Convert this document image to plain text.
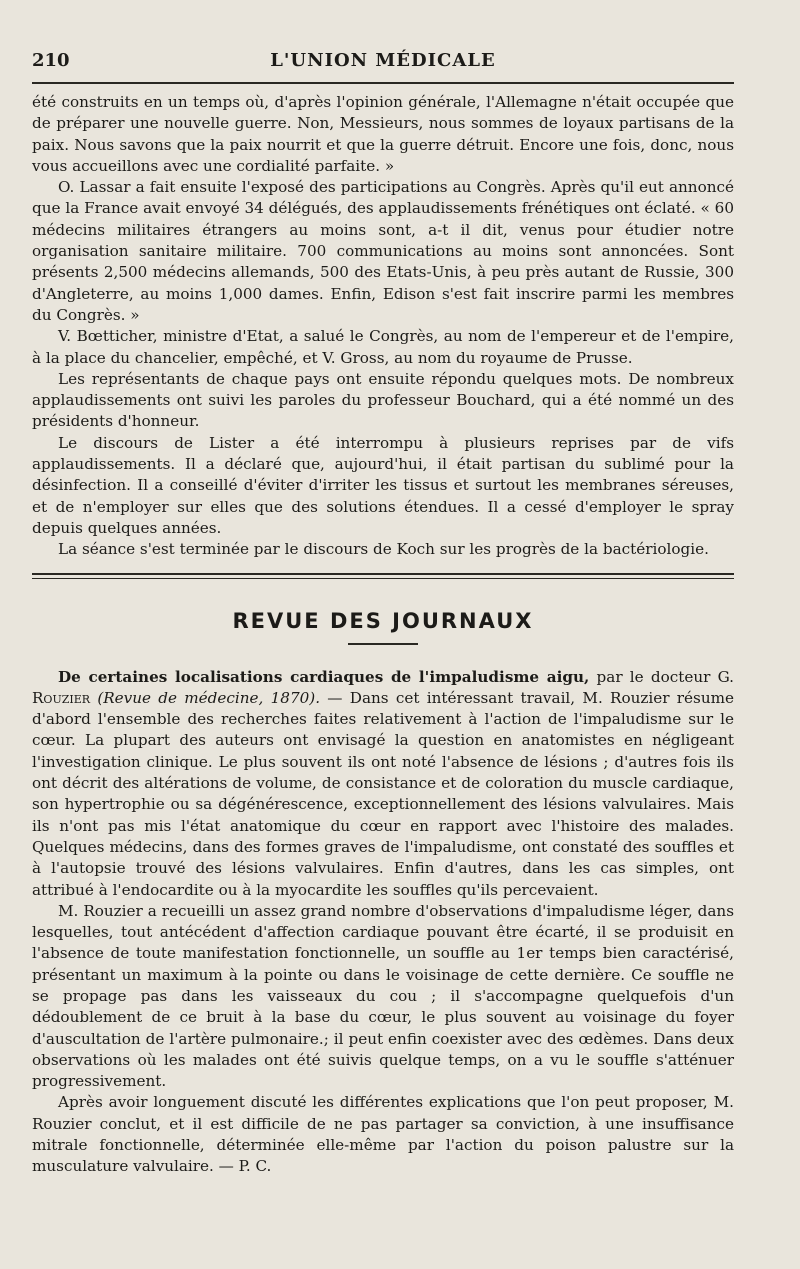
210	L'UNION MÉDICALE

été construits en un temps où, d'après l'opinion générale, l'Allemagne n'était occupée que de préparer une nouvelle guerre. Non, Messieurs, nous sommes de loyaux partisans de la paix. Nous savons que la paix nourrit et que la guerre détruit. Encore une fois, donc, nous vous accueillons avec une cordialité parfaite. »

O. Lassar a fait ensuite l'exposé des participations au Congrès. Après qu'il eut annoncé que la France avait envoyé 34 délégués, des applaudissements frénétiques ont éclaté. « 60 médecins militaires étrangers au moins sont, a-t il dit, venus pour étudier notre organisation sanitaire militaire. 700 communications au moins sont annoncées. Sont présents 2,500 médecins allemands, 500 des Etats-Unis, à peu près autant de Russie, 300 d'Angleterre, au moins 1,000 dames. Enfin, Edison s'est fait inscrire parmi les membres du Congrès. »

V. Bœtticher, ministre d'Etat, a salué le Congrès, au nom de l'empereur et de l'empire, à la place du chancelier, empêché, et V. Gross, au nom du royaume de Prusse.

Les représentants de chaque pays ont ensuite répondu quelques mots. De nombreux applaudissements ont suivi les paroles du professeur Bouchard, qui a été nommé un des présidents d'honneur.

Le discours de Lister a été interrompu à plusieurs reprises par de vifs applaudissements. Il a déclaré que, aujourd'hui, il était partisan du sublimé pour la désinfection. Il a conseillé d'éviter d'irriter les tissus et surtout les membranes séreuses, et de n'employer sur elles que des solutions étendues. Il a cessé d'employer le spray depuis quelques années.

La séance s'est terminée par le discours de Koch sur les progrès de la bactériologie.

REVUE DES JOURNAUX

De certaines localisations cardiaques de l'impaludisme aigu, par le docteur G. Rouzier (Revue de médecine, 1870). — Dans cet intéressant travail, M. Rouzier résume d'abord l'ensemble des recherches faites relativement à l'action de l'impaludisme sur le cœur. La plupart des auteurs ont envisagé la question en anatomistes en négligeant l'investigation clinique. Le plus souvent ils ont noté l'absence de lésions ; d'autres fois ils ont décrit des altérations de volume, de consistance et de coloration du muscle cardiaque, son hypertrophie ou sa dégénérescence, exceptionnellement des lésions valvulaires. Mais ils n'ont pas mis l'état anatomique du cœur en rapport avec l'histoire des malades. Quelques médecins, dans des formes graves de l'impaludisme, ont constaté des souffles et à l'autopsie trouvé des lésions valvulaires. Enfin d'autres, dans les cas simples, ont attribué à l'endocardite ou à la myocardite les souffles qu'ils percevaient.

M. Rouzier a recueilli un assez grand nombre d'observations d'impaludisme léger, dans lesquelles, tout antécédent d'affection cardiaque pouvant être écarté, il se produisit en l'absence de toute manifestation fonctionnelle, un souffle au 1er temps bien caractérisé, présentant un maximum à la pointe ou dans le voisinage de cette dernière. Ce souffle ne se propage pas dans les vaisseaux du cou ; il s'accompagne quelquefois d'un dédoublement de ce bruit à la base du cœur, le plus souvent au voisinage du foyer d'auscultation de l'artère pulmonaire.; il peut enfin coexister avec des œdèmes. Dans deux observations où les malades ont été suivis quelque temps, on a vu le souffle s'atténuer progressivement.

Après avoir longuement discuté les différentes explications que l'on peut proposer, M. Rouzier conclut, et il est difficile de ne pas partager sa conviction, à une insuffisance mitrale fonctionnelle, déterminée elle-même par l'action du poison palustre sur la musculature valvulaire. — P. C.
